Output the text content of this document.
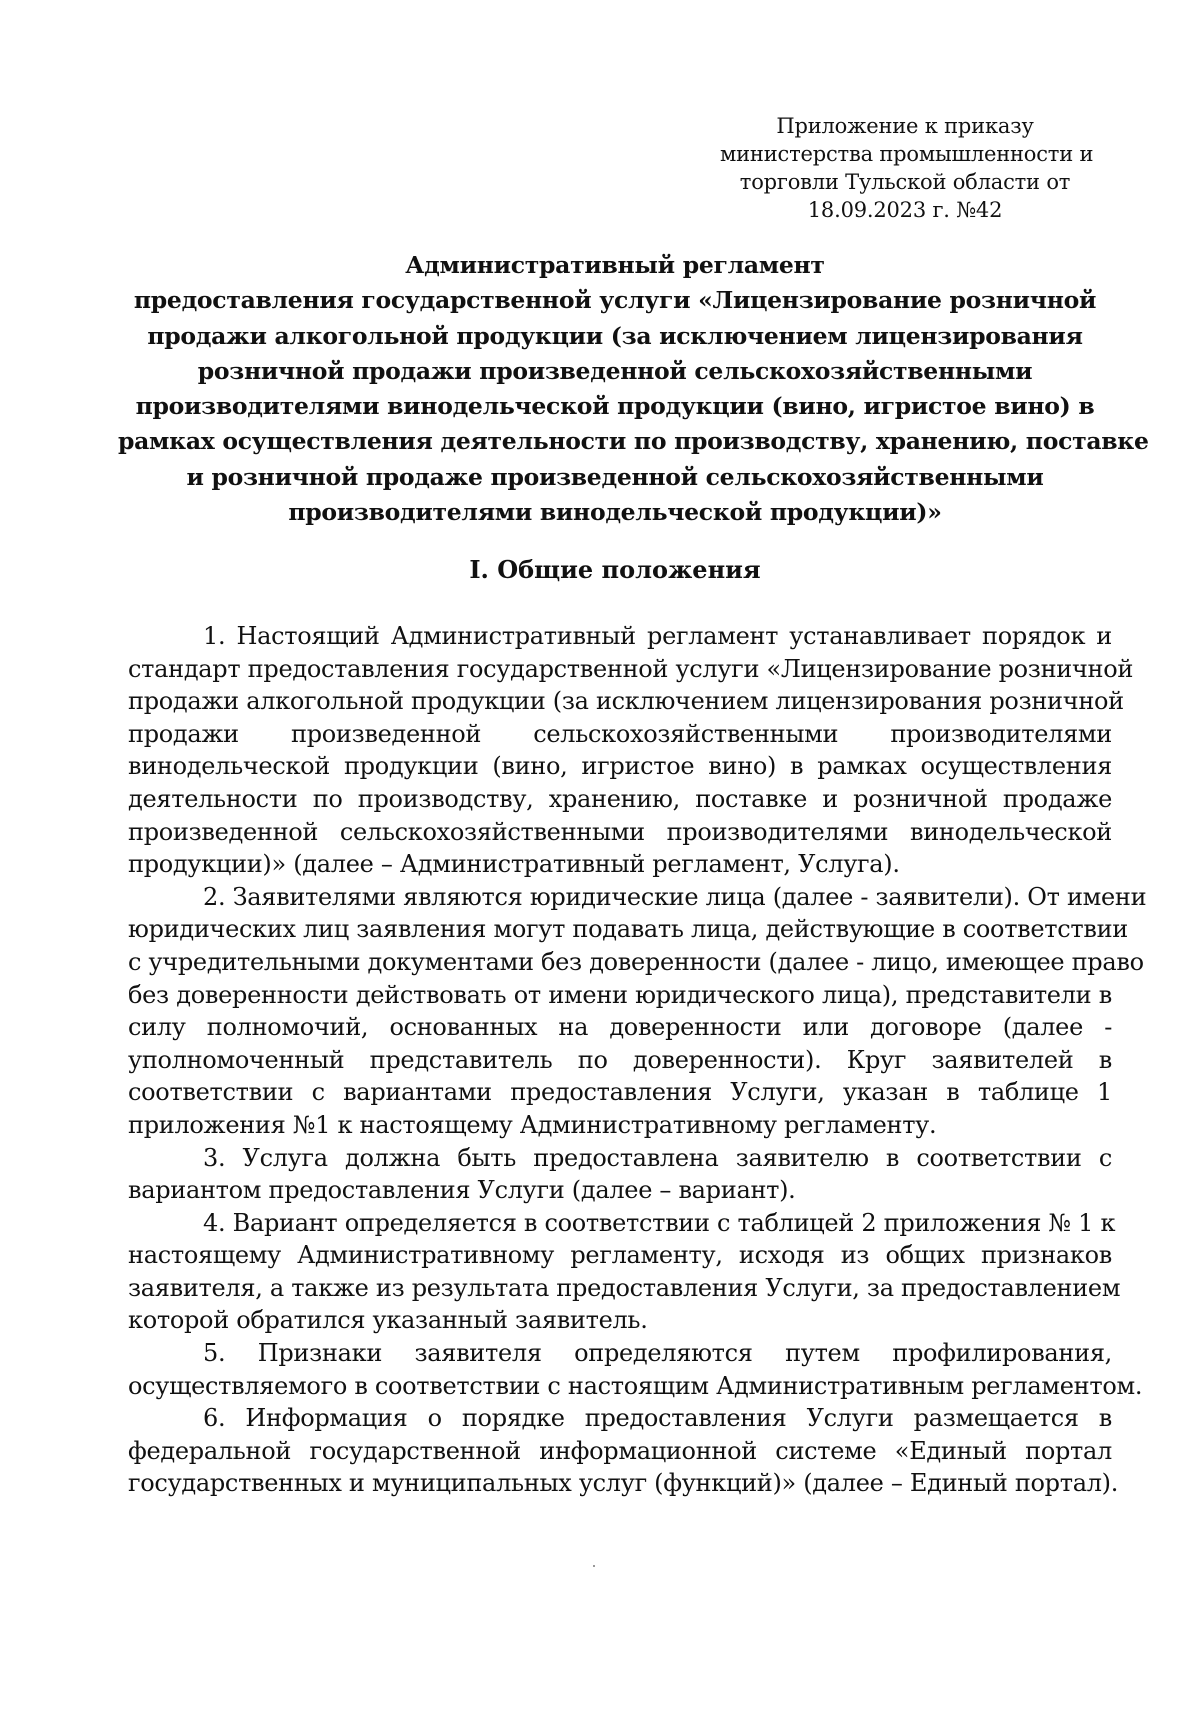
Приложение к приказу
министерства промышленности и
торговли Тульской области от
18.09.2023 г. №42
Административный регламент
предоставления государственной услуги «Лицензирование розничной
продажи алкогольной продукции (за исключением лицензирования
розничной продажи произведенной сельскохозяйственными
производителями винодельческой продукции (вино, игристое вино) в
рамках осуществления деятельности по производству, хранению, поставке
и розничной продаже произведенной сельскохозяйственными
производителями винодельческой продукции)»
I. Общие положения
1. Настоящий Административный регламент устанавливает порядок и
стандарт предоставления государственной услуги «Лицензирование розничной
продажи алкогольной продукции (за исключением лицензирования розничной
продажи произведенной сельскохозяйственными производителями
винодельческой продукции (вино, игристое вино) в рамках осуществления
деятельности по производству, хранению, поставке и розничной продаже
произведенной сельскохозяйственными производителями винодельческой
продукции)» (далее – Административный регламент, Услуга).
2. Заявителями являются юридические лица (далее - заявители). От имени
юридических лиц заявления могут подавать лица, действующие в соответствии
с учредительными документами без доверенности (далее - лицо, имеющее право
без доверенности действовать от имени юридического лица), представители в
силу полномочий, основанных на доверенности или договоре (далее -
уполномоченный представитель по доверенности). Круг заявителей в
соответствии с вариантами предоставления Услуги, указан в таблице 1
приложения №1 к настоящему Административному регламенту.
3. Услуга должна быть предоставлена заявителю в соответствии с
вариантом предоставления Услуги (далее – вариант).
4. Вариант определяется в соответствии с таблицей 2 приложения № 1 к
настоящему Административному регламенту, исходя из общих признаков
заявителя, а также из результата предоставления Услуги, за предоставлением
которой обратился указанный заявитель.
5. Признаки заявителя определяются путем профилирования,
осуществляемого в соответствии с настоящим Административным регламентом.
6. Информация о порядке предоставления Услуги размещается в
федеральной государственной информационной системе «Единый портал
государственных и муниципальных услуг (функций)» (далее – Единый портал).
